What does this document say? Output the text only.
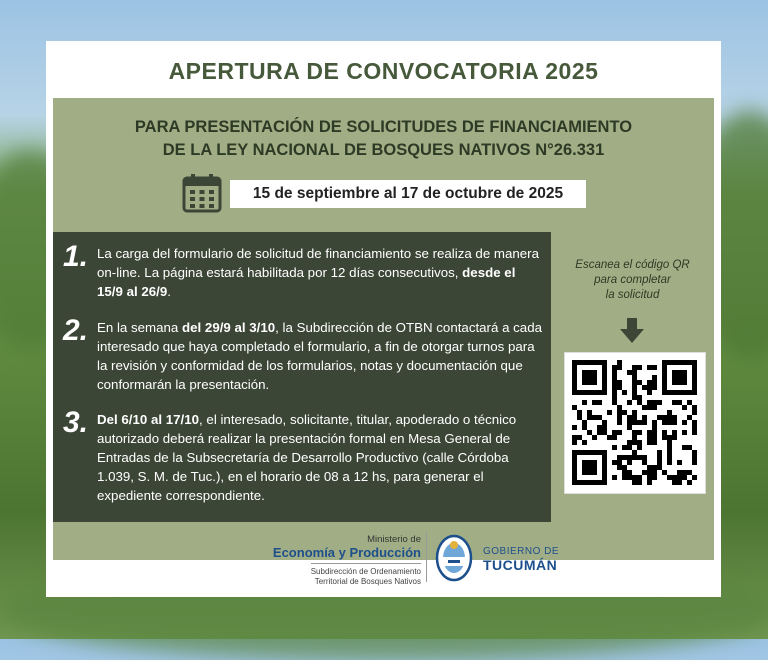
APERTURA DE CONVOCATORIA 2025
PARA PRESENTACIÓN DE SOLICITUDES DE FINANCIAMIENTO
DE LA LEY NACIONAL DE BOSQUES NATIVOS N°26.331
15 de septiembre al 17 de octubre de 2025
1. La carga del formulario de solicitud de financiamiento se realiza de manera on-line. La página estará habilitada por 12 días consecutivos, desde el 15/9 al 26/9.
2. En la semana del 29/9 al 3/10, la Subdirección de OTBN contactará a cada interesado que haya completado el formulario, a fin de otorgar turnos para la revisión y conformidad de los formularios, notas y documentación que conformarán la presentación.
3. Del 6/10 al 17/10, el interesado, solicitante, titular, apoderado o técnico autorizado deberá realizar la presentación formal en Mesa General de Entradas de la Subsecretaría de Desarrollo Productivo (calle Córdoba 1.039, S. M. de Tuc.), en el horario de 08 a 12 hs, para generar el expediente correspondiente.
Escanea el código QR
para completar
la solicitud
Ministerio de
Economía y Producción
Subdirección de Ordenamiento
Territorial de Bosques Nativos
GOBIERNO DE
TUCUMÁN
